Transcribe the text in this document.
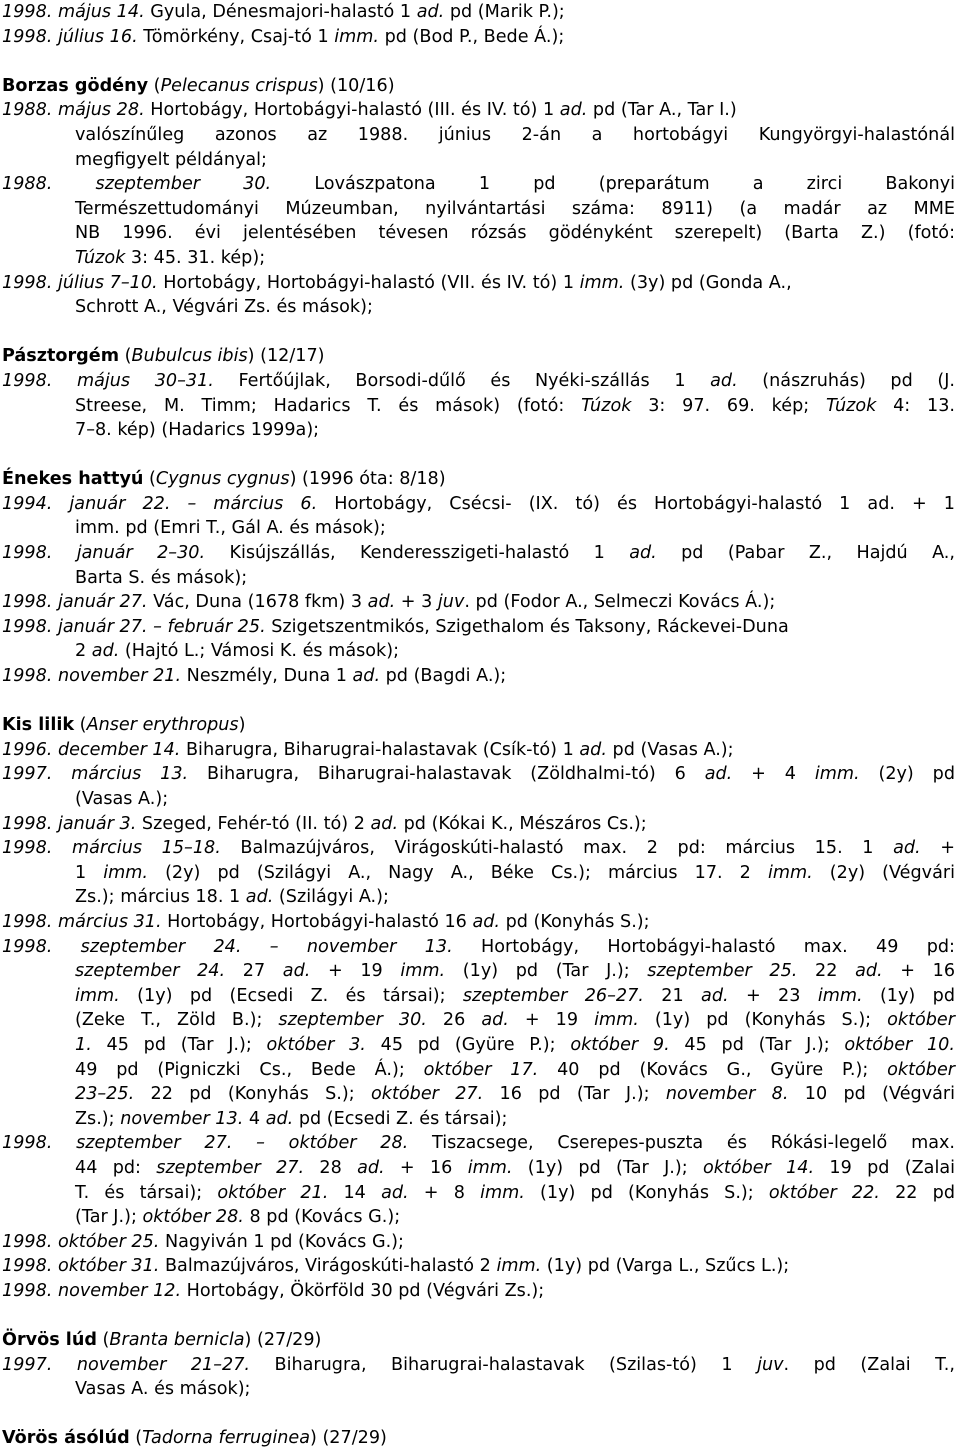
1998. május 14. Gyula, Dénesmajori-halastó 1 ad. pd (Marik P.);
1998. július 16. Tömörkény, Csaj-tó 1 imm. pd (Bod P., Bede Á.);
Borzas gödény (Pelecanus crispus) (10/16)
1988. május 28. Hortobágy, Hortobágyi-halastó (III. és IV. tó) 1 ad. pd (Tar A., Tar I.)
valószínűleg azonos az 1988. június 2-án a hortobágyi Kungyörgyi-halastónál
megfigyelt példányal;
1988. szeptember 30. Lovászpatona 1 pd (preparátum a zirci Bakonyi
Természettudományi Múzeumban, nyilvántartási száma: 8911) (a madár az MME
NB 1996. évi jelentésében tévesen rózsás gödényként szerepelt) (Barta Z.) (fotó:
Túzok 3: 45. 31. kép);
1998. július 7–10. Hortobágy, Hortobágyi-halastó (VII. és IV. tó) 1 imm. (3y) pd (Gonda A.,
Schrott A., Végvári Zs. és mások);
Pásztorgém (Bubulcus ibis) (12/17)
1998. május 30–31. Fertőújlak, Borsodi-dűlő és Nyéki-szállás 1 ad. (nászruhás) pd (J.
Streese, M. Timm; Hadarics T. és mások) (fotó: Túzok 3: 97. 69. kép; Túzok 4: 13.
7–8. kép) (Hadarics 1999a);
Énekes hattyú (Cygnus cygnus) (1996 óta: 8/18)
1994. január 22. – március 6. Hortobágy, Csécsi- (IX. tó) és Hortobágyi-halastó 1 ad. + 1
imm. pd (Emri T., Gál A. és mások);
1998. január 2–30. Kisújszállás, Kenderesszigeti-halastó 1 ad. pd (Pabar Z., Hajdú A.,
Barta S. és mások);
1998. január 27. Vác, Duna (1678 fkm) 3 ad. + 3 juv. pd (Fodor A., Selmeczi Kovács Á.);
1998. január 27. – február 25. Szigetszentmikós, Szigethalom és Taksony, Ráckevei-Duna
2 ad. (Hajtó L.; Vámosi K. és mások);
1998. november 21. Neszmély, Duna 1 ad. pd (Bagdi A.);
Kis lilik (Anser erythropus)
1996. december 14. Biharugra, Biharugrai-halastavak (Csík-tó) 1 ad. pd (Vasas A.);
1997. március 13. Biharugra, Biharugrai-halastavak (Zöldhalmi-tó) 6 ad. + 4 imm. (2y) pd
(Vasas A.);
1998. január 3. Szeged, Fehér-tó (II. tó) 2 ad. pd (Kókai K., Mészáros Cs.);
1998. március 15–18. Balmazújváros, Virágoskúti-halastó max. 2 pd: március 15. 1 ad. +
1 imm. (2y) pd (Szilágyi A., Nagy A., Béke Cs.); március 17. 2 imm. (2y) (Végvári
Zs.); március 18. 1 ad. (Szilágyi A.);
1998. március 31. Hortobágy, Hortobágyi-halastó 16 ad. pd (Konyhás S.);
1998. szeptember 24. – november 13. Hortobágy, Hortobágyi-halastó max. 49 pd:
szeptember 24. 27 ad. + 19 imm. (1y) pd (Tar J.); szeptember 25. 22 ad. + 16
imm. (1y) pd (Ecsedi Z. és társai); szeptember 26–27. 21 ad. + 23 imm. (1y) pd
(Zeke T., Zöld B.); szeptember 30. 26 ad. + 19 imm. (1y) pd (Konyhás S.); október
1. 45 pd (Tar J.); október 3. 45 pd (Gyüre P.); október 9. 45 pd (Tar J.); október 10.
49 pd (Pigniczki Cs., Bede Á.); október 17. 40 pd (Kovács G., Gyüre P.); október
23–25. 22 pd (Konyhás S.); október 27. 16 pd (Tar J.); november 8. 10 pd (Végvári
Zs.); november 13. 4 ad. pd (Ecsedi Z. és társai);
1998. szeptember 27. – október 28. Tiszacsege, Cserepes-puszta és Rókási-legelő max.
44 pd: szeptember 27. 28 ad. + 16 imm. (1y) pd (Tar J.); október 14. 19 pd (Zalai
T. és társai); október 21. 14 ad. + 8 imm. (1y) pd (Konyhás S.); október 22. 22 pd
(Tar J.); október 28. 8 pd (Kovács G.);
1998. október 25. Nagyiván 1 pd (Kovács G.);
1998. október 31. Balmazújváros, Virágoskúti-halastó 2 imm. (1y) pd (Varga L., Szűcs L.);
1998. november 12. Hortobágy, Ökörföld 30 pd (Végvári Zs.);
Örvös lúd (Branta bernicla) (27/29)
1997. november 21–27. Biharugra, Biharugrai-halastavak (Szilas-tó) 1 juv. pd (Zalai T.,
Vasas A. és mások);
Vörös ásólúd (Tadorna ferruginea) (27/29)
